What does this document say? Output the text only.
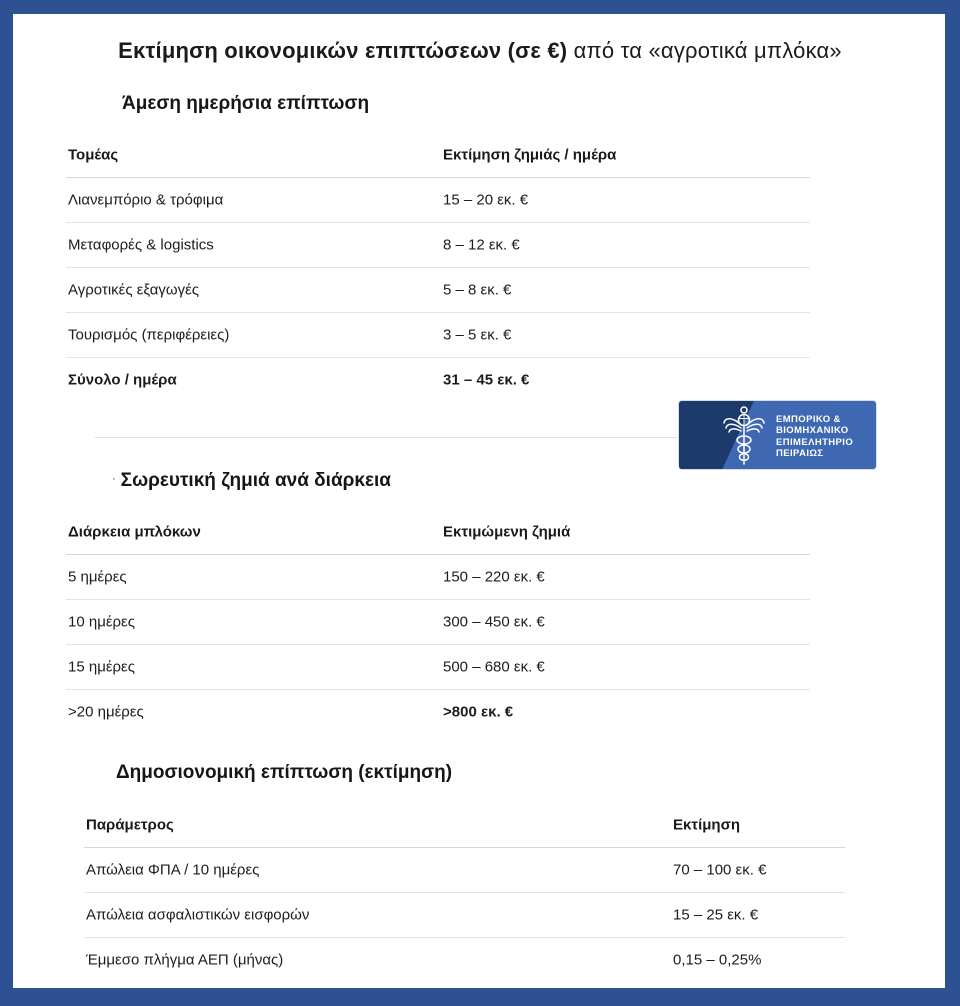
Εκτίμηση οικονομικών επιπτώσεων (σε €) από τα «αγροτικά μπλόκα»
Άμεση ημερήσια επίπτωση
Τομέας	Εκτίμηση ζημιάς / ημέρα
Λιανεμπόριο & τρόφιμα	15 – 20 εκ. €
Μεταφορές & logistics	8 – 12 εκ. €
Αγροτικές εξαγωγές	5 – 8 εκ. €
Τουρισμός (περιφέρειες)	3 – 5 εκ. €
Σύνολο / ημέρα	31 – 45 εκ. €
ΕΜΠΟΡΙΚΟ &
ΒΙΟΜΗΧΑΝΙΚΟ
ΕΠΙΜΕΛΗΤΗΡΙΟ
ΠΕΙΡΑΙΩΣ
· Σωρευτική ζημιά ανά διάρκεια
Διάρκεια μπλόκων	Εκτιμώμενη ζημιά
5 ημέρες	150 – 220 εκ. €
10 ημέρες	300 – 450 εκ. €
15 ημέρες	500 – 680 εκ. €
>20 ημέρες	>800 εκ. €
Δημοσιονομική επίπτωση (εκτίμηση)
Παράμετρος	Εκτίμηση
Απώλεια ΦΠΑ / 10 ημέρες	70 – 100 εκ. €
Απώλεια ασφαλιστικών εισφορών	15 – 25 εκ. €
Έμμεσο πλήγμα ΑΕΠ (μήνας)	0,15 – 0,25%
